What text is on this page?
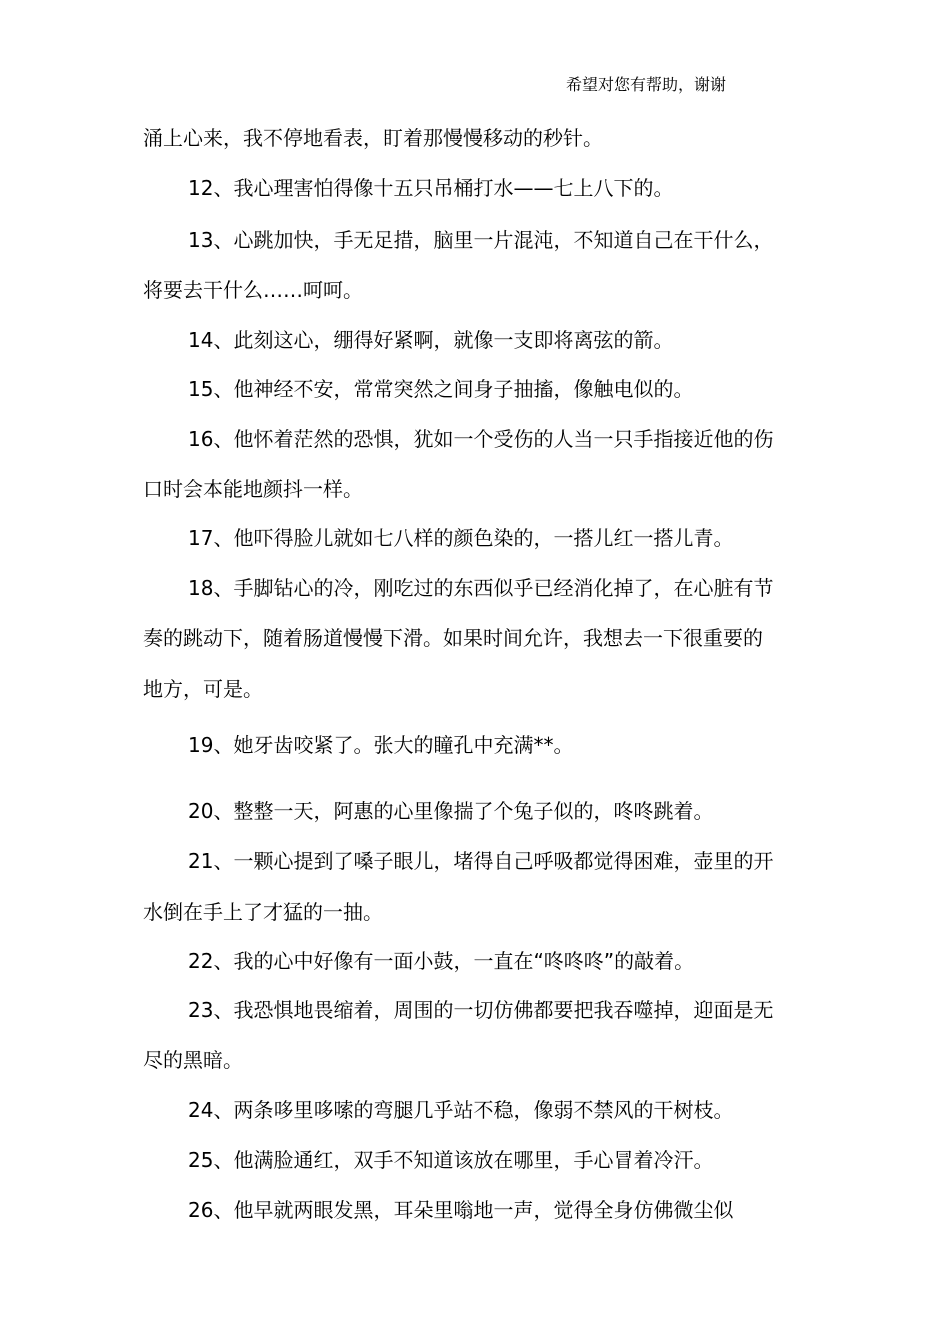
希望对您有帮助，谢谢
涌上心来，我不停地看表，盯着那慢慢移动的秒针。
12、我心理害怕得像十五只吊桶打水——七上八下的。
13、心跳加快，手无足措，脑里一片混沌，不知道自己在干什么，
将要去干什么……呵呵。
14、此刻这心，绷得好紧啊，就像一支即将离弦的箭。
15、他神经不安，常常突然之间身子抽搐，像触电似的。
16、他怀着茫然的恐惧，犹如一个受伤的人当一只手指接近他的伤
口时会本能地颜抖一样。
17、他吓得脸儿就如七八样的颜色染的，一搭儿红一搭儿青。
18、手脚钻心的冷，刚吃过的东西似乎已经消化掉了，在心脏有节
奏的跳动下，随着肠道慢慢下滑。如果时间允许，我想去一下很重要的
地方，可是。
19、她牙齿咬紧了。张大的瞳孔中充满**。
20、整整一天，阿惠的心里像揣了个兔子似的，咚咚跳着。
21、一颗心提到了嗓子眼儿，堵得自己呼吸都觉得困难，壶里的开
水倒在手上了才猛的一抽。
22、我的心中好像有一面小鼓，一直在“咚咚咚”的敲着。
23、我恐惧地畏缩着，周围的一切仿佛都要把我吞噬掉，迎面是无
尽的黑暗。
24、两条哆里哆嗦的弯腿几乎站不稳，像弱不禁风的干树枝。
25、他满脸通红，双手不知道该放在哪里，手心冒着冷汗。
26、他早就两眼发黑，耳朵里嗡地一声，觉得全身仿佛微尘似
